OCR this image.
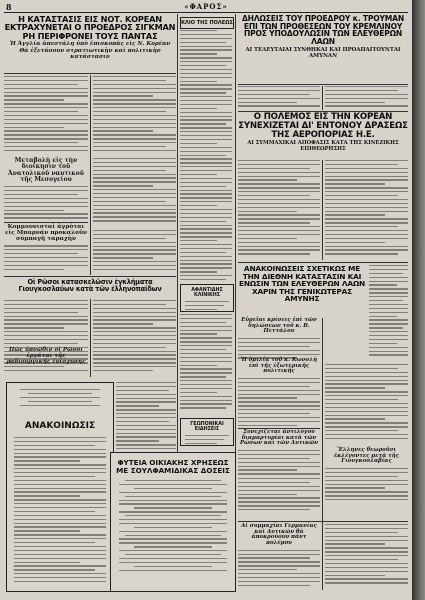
8	«ΦΑΡΟΣ»
Η ΚΑΤΑΣΤΑΣΙΣ ΕΙΣ ΝΟΤ. ΚΟΡΕΑΝ ΕΚΤΡΑΧΥΝΕΤΑΙ Ο ΠΡΟΕΔΡΟΣ ΣΙΓΚΜΑΝ ΡΗ ΠΕΡΙΦΡΟΝΕΙ ΤΟΥΣ ΠΑΝΤΑΣ
Ἡ Ἀγγλία ἀπεστάλη ὑπὸ ἐπισκοπὰς εἰς Ν. Κορέαν
Θὰ ἐξετάσουν στρατιωτικὴν καὶ πολιτικὴν κατάστασιν
Μεταβολὴ εἰς τὴν διοίκησιν τοῦ Ἀνατολικοῦ ναυτικοῦ τῆς Μεσογείου
Κομμουνισταὶ ἀγρόται εἰς Μπαρνάν προκαλοῦν σὐμπαγῆ ταραχὴν
Οἱ Ρῶσοι κατασκελῶσιν ἐγκλήματα Γιουγκοσλαύων κατὰ τῶν ἐλληνοπαίδων
Πῶς ὑπνῶθιν οἱ Ρῶσοι ἐργάται τῆς ραδιουργικῆς ἐνίσχυσης
ΑΝΑΚΟΙΝΩΣΙΣ
ΚΛΙΟ ΤΗΣ ΠΟΛΕΩΣ
ΑΦΑΝΤΙΔΗΣ ΚΛΙΝΙΚΗΣ
ΓΕΩΠΟΝΙΚΑΙ ΕΙΔΗΣΕΙΣ
ΦΥΤΕΙΑ ΟΙΚΙΑΚΗΣ ΧΡΗΣΕΩΣ ΜΕ ΣΟΥΛΦΑΜΙΔΙΚΑΣ ΔΟΣΕΙΣ
ΔΗΛΩΣΕΙΣ ΤΟΥ ΠΡΟΕΔΡΟΥ κ. ΤΡΟΥΜΑΝ ΕΠΙ ΤΩΝ ΠΡΟΘΕΣΕΩΝ ΤΟΥ ΚΡΕΜΛΙΝΟΥ ΠΡΟΣ ΥΠΟΔΟΥΛΩΣΙΝ ΤΩΝ ΕΛΕΥΘΕΡΩΝ ΛΑΩΝ
ΑΙ ΤΕΛΕΥΤΑΙΑΙ ΣΥΝΘΗΚΑΙ ΚΑΙ ΠΡΟΑΠΑΙΤΟΥΝΤΑΙ ΑΜΥΝΑΝ
Ο ΠΟΛΕΜΟΣ ΕΙΣ ΤΗΝ ΚΟΡΕΑΝ ΣΥΝΕΧΙΖΕΤΑΙ ΔΙ' ΕΝΤΟΝΟΥ ΔΡΑΣΕΩΣ ΤΗΣ ΑΕΡΟΠΟΡΙΑΣ Η.Ε.
ΑΙ ΣΥΜΜΑΧΙΚΑΙ ΑΠΟΦΑΣΙΣ ΚΑΤΑ ΤΗΣ ΚΙΝΕΖΙΚΗΣ ΕΠΙΘΕΩΡΗΣΗΣ
ΑΝΑΚΟΙΝΩΣΕΙΣ ΣΧΕΤΙΚΩΣ ΜΕ ΤΗΝ ΔΙΕΘΝΗ ΚΑΤΑΣΤΑΣΙΝ ΚΑΙ ΕΝΩΣΙΝ ΤΩΝ ΕΛΕΥΘΕΡΩΝ ΛΑΩΝ ΧΑΡΙΝ ΤΗΣ ΓΕΝΙΚΩΤΕΡΑΣ ΑΜΥΝΗΣ
Εὐρεῖαι κρίσεις ἐπὶ τῶν δηλώσεων τοῦ κ. Β. Πεττάλου
Ἡ ὁμιλία τοῦ κ. Κωνσλὴ ἐπὶ τῆς ἐξωτερικῆς πολιτικῆς
Συνεχίζεται ἀντιλόγου διαμαρτυρίαι κατὰ τῶν Ρώσων καὶ τῶν Δυτικῶν
Ἕλληνες θεωροῦσι ἐκλέγοντες μετὰ τῆς Γιουγκοσλαβίας
Αἱ συμμαχίαι Γερμανίας καὶ Δυτικῶν θὰ ἀποκρούουν πάντ πολέμου
